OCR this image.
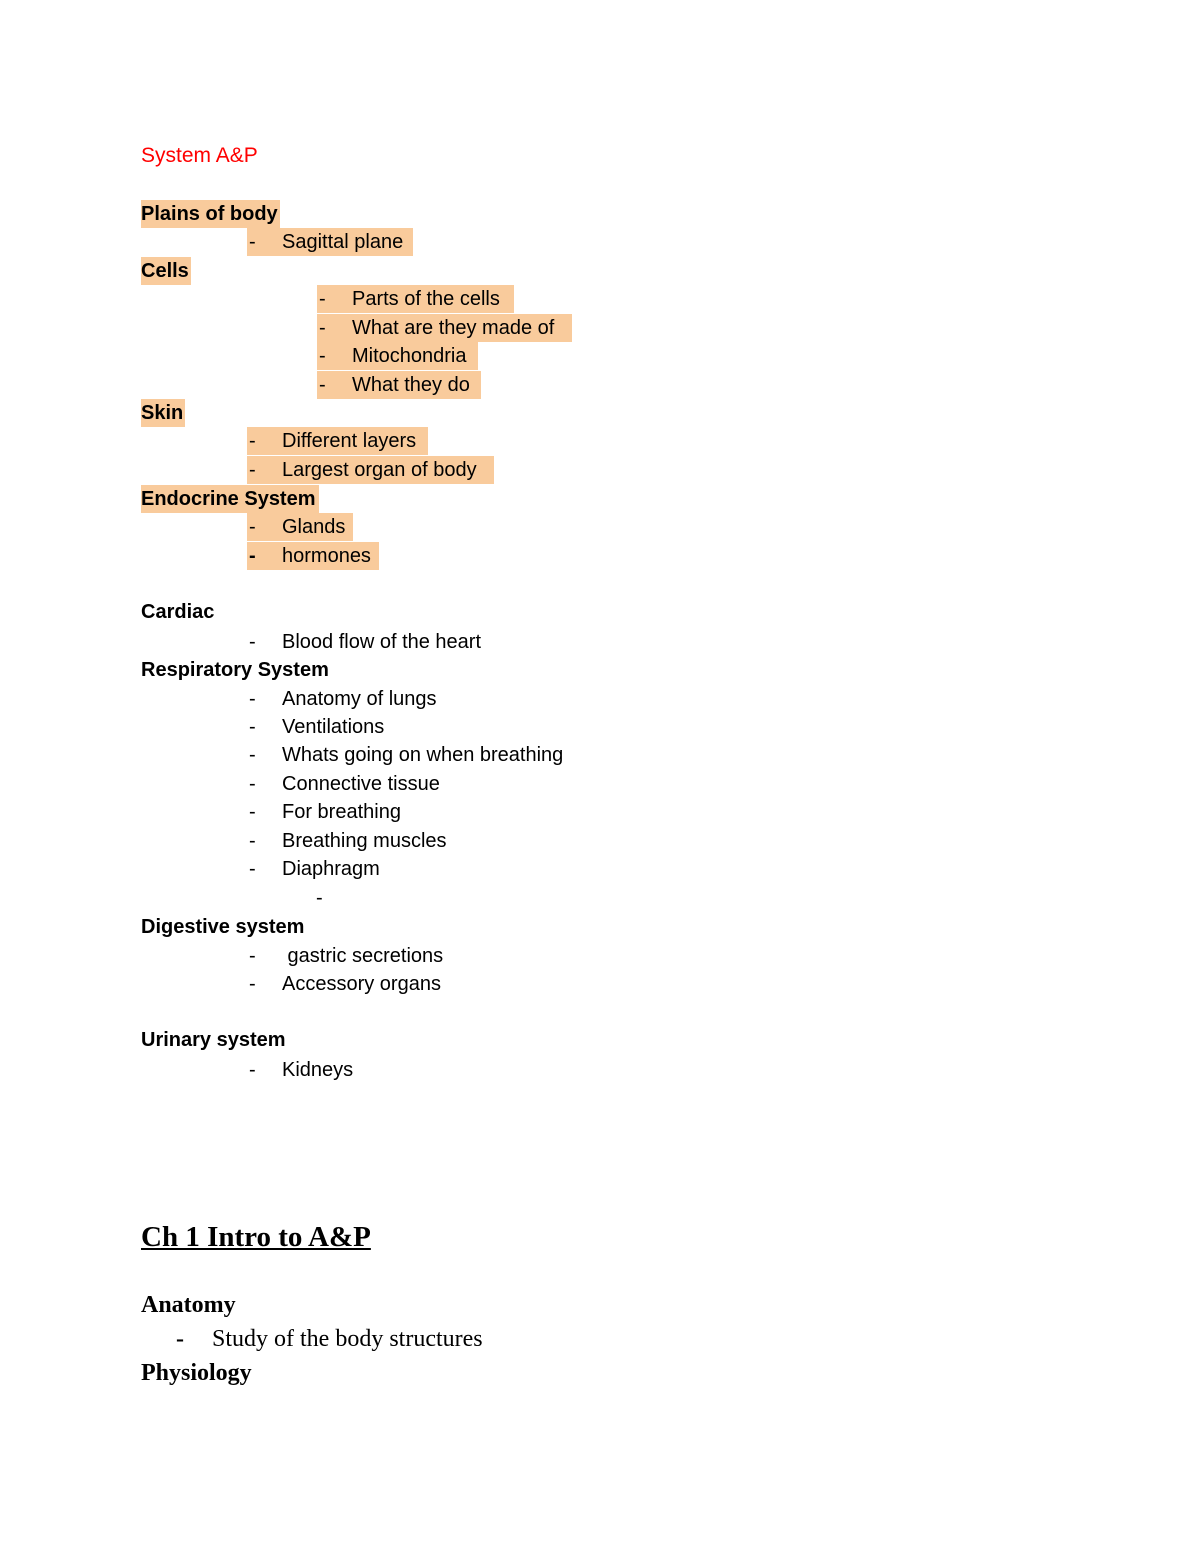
System A&P
Plains of body
- Sagittal plane
Cells
- Parts of the cells
- What are they made of
- Mitochondria
- What they do
Skin
- Different layers
- Largest organ of body
Endocrine System
- Glands
- hormones
Cardiac
- Blood flow of the heart
Respiratory System
- Anatomy of lungs
- Ventilations
- Whats going on when breathing
- Connective tissue
- For breathing
- Breathing muscles
- Diaphragm
-
Digestive system
- gastric secretions
- Accessory organs
Urinary system
- Kidneys
Ch 1 Intro to A&P
Anatomy
- Study of the body structures
Physiology
